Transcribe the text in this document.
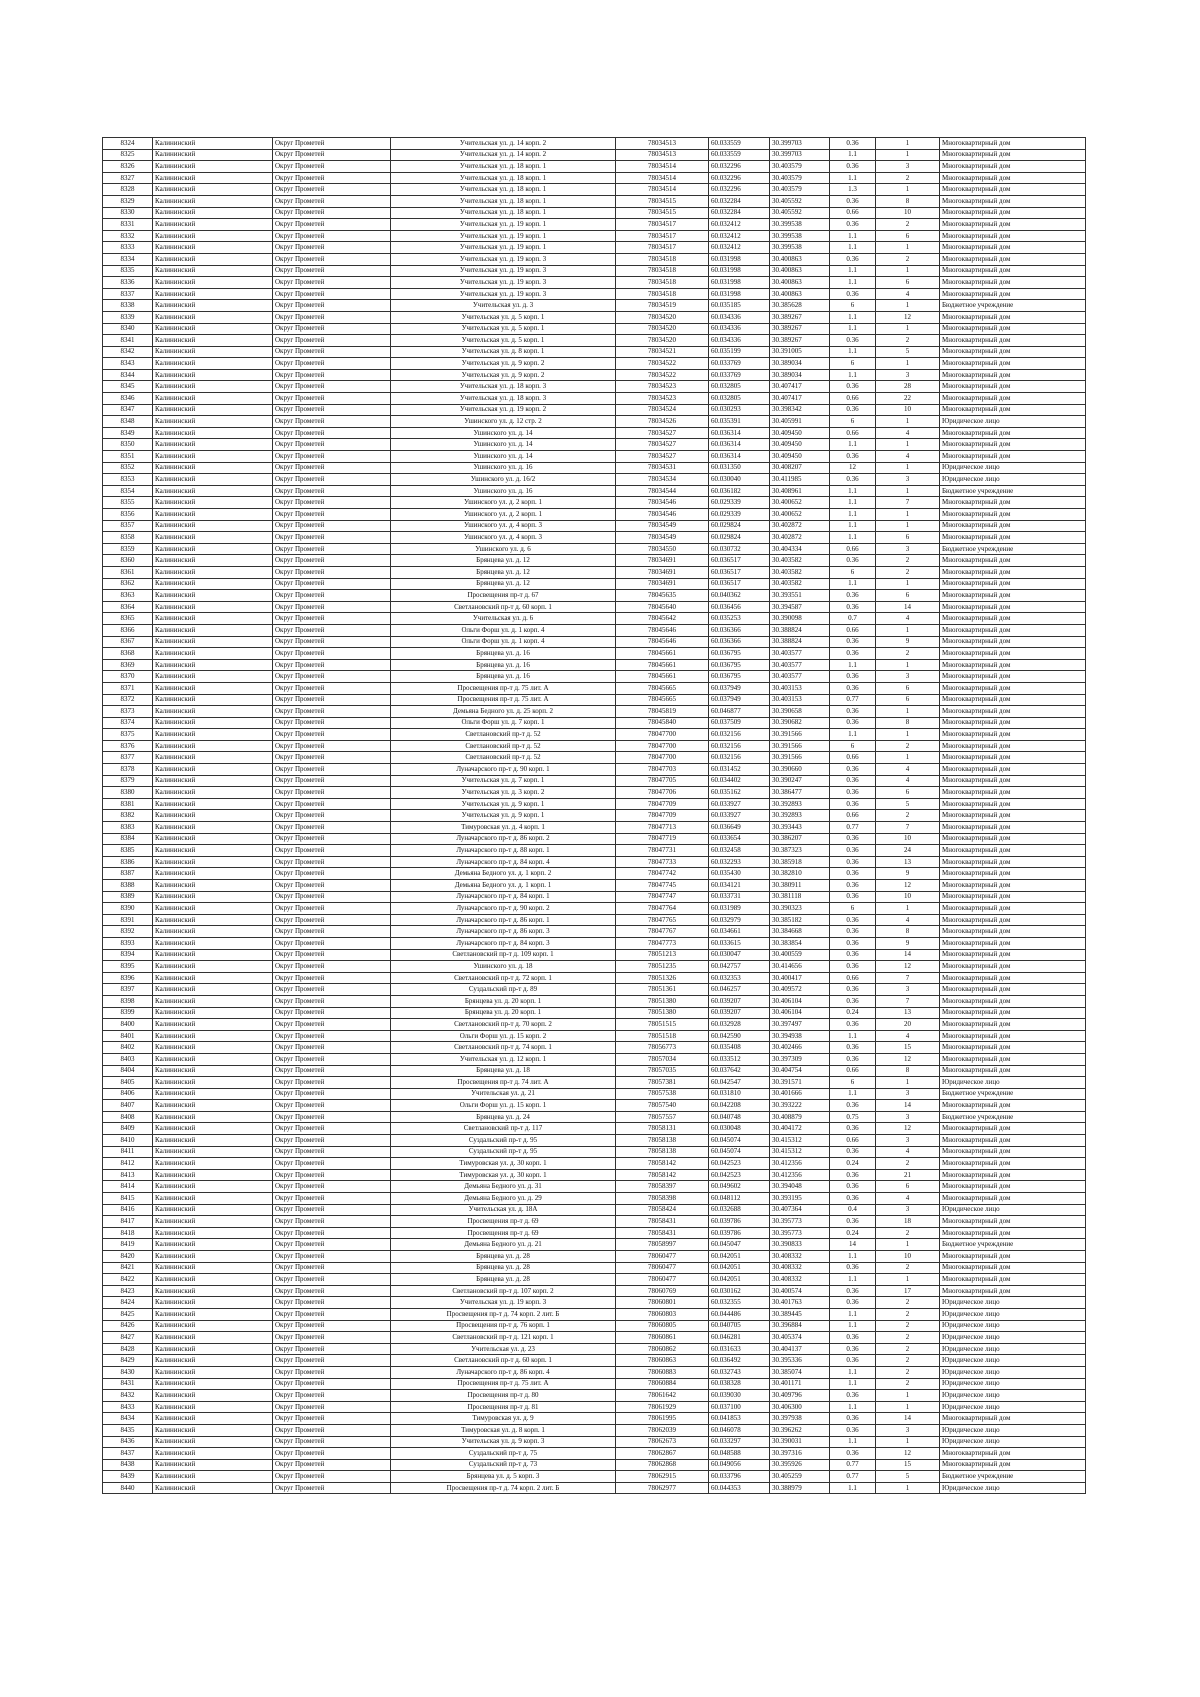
8324	Калининский	Округ Прометей	Учительская ул. д. 14 корп. 2	78034513	60.033559	30.399703	0.36	1	Многоквартирный дом
8325	Калининский	Округ Прометей	Учительская ул. д. 14 корп. 2	78034513	60.033559	30.399703	1.1	1	Многоквартирный дом
8326	Калининский	Округ Прометей	Учительская ул. д. 18 корп. 1	78034514	60.032296	30.403579	0.36	3	Многоквартирный дом
8327	Калининский	Округ Прометей	Учительская ул. д. 18 корп. 1	78034514	60.032296	30.403579	1.1	2	Многоквартирный дом
8328	Калининский	Округ Прометей	Учительская ул. д. 18 корп. 1	78034514	60.032296	30.403579	1.3	1	Многоквартирный дом
8329	Калининский	Округ Прометей	Учительская ул. д. 18 корп. 1	78034515	60.032284	30.405592	0.36	8	Многоквартирный дом
8330	Калининский	Округ Прометей	Учительская ул. д. 18 корп. 1	78034515	60.032284	30.405592	0.66	10	Многоквартирный дом
8331	Калининский	Округ Прометей	Учительская ул. д. 19 корп. 1	78034517	60.032412	30.399538	0.36	2	Многоквартирный дом
8332	Калининский	Округ Прометей	Учительская ул. д. 19 корп. 1	78034517	60.032412	30.399538	1.1	6	Многоквартирный дом
8333	Калининский	Округ Прометей	Учительская ул. д. 19 корп. 1	78034517	60.032412	30.399538	1.1	1	Многоквартирный дом
8334	Калининский	Округ Прометей	Учительская ул. д. 19 корп. 3	78034518	60.031998	30.400863	0.36	2	Многоквартирный дом
8335	Калининский	Округ Прометей	Учительская ул. д. 19 корп. 3	78034518	60.031998	30.400863	1.1	1	Многоквартирный дом
8336	Калининский	Округ Прометей	Учительская ул. д. 19 корп. 3	78034518	60.031998	30.400863	1.1	6	Многоквартирный дом
8337	Калининский	Округ Прометей	Учительская ул. д. 19 корп. 3	78034518	60.031998	30.400863	0.36	4	Многоквартирный дом
8338	Калининский	Округ Прометей	Учительская ул. д. 3	78034519	60.035185	30.385628	6	1	Бюджетное учреждение
8339	Калининский	Округ Прометей	Учительская ул. д. 5 корп. 1	78034520	60.034336	30.389267	1.1	12	Многоквартирный дом
8340	Калининский	Округ Прометей	Учительская ул. д. 5 корп. 1	78034520	60.034336	30.389267	1.1	1	Многоквартирный дом
8341	Калининский	Округ Прометей	Учительская ул. д. 5 корп. 1	78034520	60.034336	30.389267	0.36	2	Многоквартирный дом
8342	Калининский	Округ Прометей	Учительская ул. д. 8 корп. 1	78034521	60.035199	30.391005	1.1	5	Многоквартирный дом
8343	Калининский	Округ Прометей	Учительская ул. д. 9 корп. 2	78034522	60.033769	30.389034	6	1	Многоквартирный дом
8344	Калининский	Округ Прометей	Учительская ул. д. 9 корп. 2	78034522	60.033769	30.389034	1.1	3	Многоквартирный дом
8345	Калининский	Округ Прометей	Учительская ул. д. 18 корп. 3	78034523	60.032805	30.407417	0.36	28	Многоквартирный дом
8346	Калининский	Округ Прометей	Учительская ул. д. 18 корп. 3	78034523	60.032805	30.407417	0.66	22	Многоквартирный дом
8347	Калининский	Округ Прометей	Учительская ул. д. 19 корп. 2	78034524	60.030293	30.398342	0.36	10	Многоквартирный дом
8348	Калининский	Округ Прометей	Ушинского ул. д. 12 стр. 2	78034526	60.035391	30.405991	6	1	Юридическое лицо
8349	Калининский	Округ Прометей	Ушинского ул. д. 14	78034527	60.036314	30.409450	0.66	4	Многоквартирный дом
8350	Калининский	Округ Прометей	Ушинского ул. д. 14	78034527	60.036314	30.409450	1.1	1	Многоквартирный дом
8351	Калининский	Округ Прометей	Ушинского ул. д. 14	78034527	60.036314	30.409450	0.36	4	Многоквартирный дом
8352	Калининский	Округ Прометей	Ушинского ул. д. 16	78034531	60.031350	30.408207	12	1	Юридическое лицо
8353	Калининский	Округ Прометей	Ушинского ул. д. 16/2	78034534	60.030040	30.411985	0.36	3	Юридическое лицо
8354	Калининский	Округ Прометей	Ушинского ул. д. 16	78034544	60.036182	30.408961	1.1	1	Бюджетное учреждение
8355	Калининский	Округ Прометей	Ушинского ул. д. 2 корп. 1	78034546	60.029339	30.400652	1.1	7	Многоквартирный дом
8356	Калининский	Округ Прометей	Ушинского ул. д. 2 корп. 1	78034546	60.029339	30.400652	1.1	1	Многоквартирный дом
8357	Калининский	Округ Прометей	Ушинского ул. д. 4 корп. 3	78034549	60.029824	30.402872	1.1	1	Многоквартирный дом
8358	Калининский	Округ Прометей	Ушинского ул. д. 4 корп. 3	78034549	60.029824	30.402872	1.1	6	Многоквартирный дом
8359	Калининский	Округ Прометей	Ушинского ул. д. 6	78034550	60.030732	30.404334	0.66	3	Бюджетное учреждение
8360	Калининский	Округ Прометей	Брянцева ул. д. 12	78034691	60.036517	30.403582	0.36	2	Многоквартирный дом
8361	Калининский	Округ Прометей	Брянцева ул. д. 12	78034691	60.036517	30.403582	6	2	Многоквартирный дом
8362	Калининский	Округ Прометей	Брянцева ул. д. 12	78034691	60.036517	30.403582	1.1	1	Многоквартирный дом
8363	Калининский	Округ Прометей	Просвещения пр-т д. 67	78045635	60.040362	30.393551	0.36	6	Многоквартирный дом
8364	Калининский	Округ Прометей	Светлановский пр-т д. 60 корп. 1	78045640	60.036456	30.394587	0.36	14	Многоквартирный дом
8365	Калининский	Округ Прометей	Учительская ул. д. 6	78045642	60.035253	30.390098	0.7	4	Многоквартирный дом
8366	Калининский	Округ Прометей	Ольги Форш ул. д. 1 корп. 4	78045646	60.036366	30.388824	0.66	1	Многоквартирный дом
8367	Калининский	Округ Прометей	Ольги Форш ул. д. 1 корп. 4	78045646	60.036366	30.388824	0.36	9	Многоквартирный дом
8368	Калининский	Округ Прометей	Брянцева ул. д. 16	78045661	60.036795	30.403577	0.36	2	Многоквартирный дом
8369	Калининский	Округ Прометей	Брянцева ул. д. 16	78045661	60.036795	30.403577	1.1	1	Многоквартирный дом
8370	Калининский	Округ Прометей	Брянцева ул. д. 16	78045661	60.036795	30.403577	0.36	3	Многоквартирный дом
8371	Калининский	Округ Прометей	Просвещения пр-т д. 75 лит. А	78045665	60.037949	30.403153	0.36	6	Многоквартирный дом
8372	Калининский	Округ Прометей	Просвещения пр-т д. 75 лит. А	78045665	60.037949	30.403153	0.77	6	Многоквартирный дом
8373	Калининский	Округ Прометей	Демьяна Бедного ул. д. 25 корп. 2	78045819	60.046877	30.390658	0.36	1	Многоквартирный дом
8374	Калининский	Округ Прометей	Ольги Форш ул. д. 7 корп. 1	78045840	60.037509	30.390682	0.36	8	Многоквартирный дом
8375	Калининский	Округ Прометей	Светлановский пр-т д. 52	78047700	60.032156	30.391566	1.1	1	Многоквартирный дом
8376	Калининский	Округ Прометей	Светлановский пр-т д. 52	78047700	60.032156	30.391566	6	2	Многоквартирный дом
8377	Калининский	Округ Прометей	Светлановский пр-т д. 52	78047700	60.032156	30.391566	0.66	1	Многоквартирный дом
8378	Калининский	Округ Прометей	Луначарского пр-т д. 90 корп. 1	78047703	60.031452	30.390660	0.36	4	Многоквартирный дом
8379	Калининский	Округ Прометей	Учительская ул. д. 7 корп. 1	78047705	60.034402	30.390247	0.36	4	Многоквартирный дом
8380	Калининский	Округ Прометей	Учительская ул. д. 3 корп. 2	78047706	60.035162	30.386477	0.36	6	Многоквартирный дом
8381	Калининский	Округ Прометей	Учительская ул. д. 9 корп. 1	78047709	60.033927	30.392893	0.36	5	Многоквартирный дом
8382	Калининский	Округ Прометей	Учительская ул. д. 9 корп. 1	78047709	60.033927	30.392893	0.66	2	Многоквартирный дом
8383	Калининский	Округ Прометей	Тимуровская ул. д. 4 корп. 1	78047713	60.036649	30.393443	0.77	7	Многоквартирный дом
8384	Калининский	Округ Прометей	Луначарского пр-т д. 86 корп. 2	78047719	60.033654	30.386207	0.36	10	Многоквартирный дом
8385	Калининский	Округ Прометей	Луначарского пр-т д. 88 корп. 1	78047731	60.032458	30.387323	0.36	24	Многоквартирный дом
8386	Калининский	Округ Прометей	Луначарского пр-т д. 84 корп. 4	78047733	60.032293	30.385918	0.36	13	Многоквартирный дом
8387	Калининский	Округ Прометей	Демьяна Бедного ул. д. 1 корп. 2	78047742	60.035430	30.382810	0.36	9	Многоквартирный дом
8388	Калининский	Округ Прометей	Демьяна Бедного ул. д. 1 корп. 1	78047745	60.034121	30.380911	0.36	12	Многоквартирный дом
8389	Калининский	Округ Прометей	Луначарского пр-т д. 84 корп. 1	78047747	60.033731	30.381118	0.36	10	Многоквартирный дом
8390	Калининский	Округ Прометей	Луначарского пр-т д. 90 корп. 2	78047764	60.031989	30.390323	6	1	Многоквартирный дом
8391	Калининский	Округ Прометей	Луначарского пр-т д. 86 корп. 1	78047765	60.032979	30.385182	0.36	4	Многоквартирный дом
8392	Калининский	Округ Прометей	Луначарского пр-т д. 86 корп. 3	78047767	60.034661	30.384668	0.36	8	Многоквартирный дом
8393	Калининский	Округ Прометей	Луначарского пр-т д. 84 корп. 3	78047773	60.033615	30.383854	0.36	9	Многоквартирный дом
8394	Калининский	Округ Прометей	Светлановский пр-т д. 109 корп. 1	78051213	60.030047	30.400559	0.36	14	Многоквартирный дом
8395	Калининский	Округ Прометей	Ушинского ул. д. 18	78051235	60.042757	30.414656	0.36	12	Многоквартирный дом
8396	Калининский	Округ Прометей	Светлановский пр-т д. 72 корп. 1	78051326	60.032353	30.400417	0.66	7	Многоквартирный дом
8397	Калининский	Округ Прометей	Суздальский пр-т д. 89	78051361	60.046257	30.409572	0.36	3	Многоквартирный дом
8398	Калининский	Округ Прометей	Брянцева ул. д. 20 корп. 1	78051380	60.039207	30.406104	0.36	7	Многоквартирный дом
8399	Калининский	Округ Прометей	Брянцева ул. д. 20 корп. 1	78051380	60.039207	30.406104	0.24	13	Многоквартирный дом
8400	Калининский	Округ Прометей	Светлановский пр-т д. 70 корп. 2	78051515	60.032928	30.397497	0.36	20	Многоквартирный дом
8401	Калининский	Округ Прометей	Ольги Форш ул. д. 15 корп. 2	78051518	60.042590	30.394938	1.1	4	Многоквартирный дом
8402	Калининский	Округ Прометей	Светлановский пр-т д. 74 корп. 1	78056773	60.035408	30.402466	0.36	15	Многоквартирный дом
8403	Калининский	Округ Прометей	Учительская ул. д. 12 корп. 1	78057034	60.033512	30.397309	0.36	12	Многоквартирный дом
8404	Калининский	Округ Прометей	Брянцева ул. д. 18	78057035	60.037642	30.404754	0.66	8	Многоквартирный дом
8405	Калининский	Округ Прометей	Просвещения пр-т д. 74 лит. А	78057381	60.042547	30.391571	6	1	Юридическое лицо
8406	Калининский	Округ Прометей	Учительская ул. д. 21	78057538	60.031810	30.401666	1.1	3	Бюджетное учреждение
8407	Калининский	Округ Прометей	Ольги Форш ул. д. 15 корп. 1	78057540	60.042208	30.393222	0.36	14	Многоквартирный дом
8408	Калининский	Округ Прометей	Брянцева ул. д. 24	78057557	60.040748	30.408879	0.75	3	Бюджетное учреждение
8409	Калининский	Округ Прометей	Светлановский пр-т д. 117	78058131	60.030048	30.404172	0.36	12	Многоквартирный дом
8410	Калининский	Округ Прометей	Суздальский пр-т д. 95	78058138	60.045074	30.415312	0.66	3	Многоквартирный дом
8411	Калининский	Округ Прометей	Суздальский пр-т д. 95	78058138	60.045074	30.415312	0.36	4	Многоквартирный дом
8412	Калининский	Округ Прометей	Тимуровская ул. д. 30 корп. 1	78058142	60.042523	30.412356	0.24	2	Многоквартирный дом
8413	Калининский	Округ Прометей	Тимуровская ул. д. 30 корп. 1	78058142	60.042523	30.412356	0.36	21	Многоквартирный дом
8414	Калининский	Округ Прометей	Демьяна Бедного ул. д. 31	78058397	60.049602	30.394048	0.36	6	Многоквартирный дом
8415	Калининский	Округ Прометей	Демьяна Бедного ул. д. 29	78058398	60.048112	30.393195	0.36	4	Многоквартирный дом
8416	Калининский	Округ Прометей	Учительская ул. д. 18А	78058424	60.032688	30.407364	0.4	3	Юридическое лицо
8417	Калининский	Округ Прометей	Просвещения пр-т д. 69	78058431	60.039786	30.395773	0.36	18	Многоквартирный дом
8418	Калининский	Округ Прометей	Просвещения пр-т д. 69	78058431	60.039786	30.395773	0.24	2	Многоквартирный дом
8419	Калининский	Округ Прометей	Демьяна Бедного ул. д. 21	78058997	60.045047	30.390833	14	1	Бюджетное учреждение
8420	Калининский	Округ Прометей	Брянцева ул. д. 28	78060477	60.042051	30.408332	1.1	10	Многоквартирный дом
8421	Калининский	Округ Прометей	Брянцева ул. д. 28	78060477	60.042051	30.408332	0.36	2	Многоквартирный дом
8422	Калининский	Округ Прометей	Брянцева ул. д. 28	78060477	60.042051	30.408332	1.1	1	Многоквартирный дом
8423	Калининский	Округ Прометей	Светлановский пр-т д. 107 корп. 2	78060769	60.030162	30.400574	0.36	17	Многоквартирный дом
8424	Калининский	Округ Прометей	Учительская ул. д. 19 корп. 3	78060801	60.032355	30.401763	0.36	2	Юридическое лицо
8425	Калининский	Округ Прометей	Просвещения пр-т д. 74 корп. 2 лит. Б	78060803	60.044486	30.389445	1.1	2	Юридическое лицо
8426	Калининский	Округ Прометей	Просвещения пр-т д. 76 корп. 1	78060805	60.040705	30.396884	1.1	2	Юридическое лицо
8427	Калининский	Округ Прометей	Светлановский пр-т д. 121 корп. 1	78060861	60.046281	30.405374	0.36	2	Юридическое лицо
8428	Калининский	Округ Прометей	Учительская ул. д. 23	78060862	60.031633	30.404137	0.36	2	Юридическое лицо
8429	Калининский	Округ Прометей	Светлановский пр-т д. 60 корп. 1	78060863	60.036492	30.395336	0.36	2	Юридическое лицо
8430	Калининский	Округ Прометей	Луначарского пр-т д. 86 корп. 4	78060883	60.032743	30.385074	1.1	2	Юридическое лицо
8431	Калининский	Округ Прометей	Просвещения пр-т д. 75 лит. А	78060884	60.038328	30.401171	1.1	2	Юридическое лицо
8432	Калининский	Округ Прометей	Просвещения пр-т д. 80	78061642	60.039030	30.409796	0.36	1	Юридическое лицо
8433	Калининский	Округ Прометей	Просвещения пр-т д. 81	78061929	60.037100	30.406300	1.1	1	Юридическое лицо
8434	Калининский	Округ Прометей	Тимуровская ул. д. 9	78061995	60.041853	30.397938	0.36	14	Многоквартирный дом
8435	Калининский	Округ Прометей	Тимуровская ул. д. 8 корп. 1	78062039	60.046078	30.396262	0.36	3	Юридическое лицо
8436	Калининский	Округ Прометей	Учительская ул. д. 9 корп. 3	78062673	60.033297	30.390031	1.1	1	Юридическое лицо
8437	Калининский	Округ Прометей	Суздальский пр-т д. 75	78062867	60.048588	30.397316	0.36	12	Многоквартирный дом
8438	Калининский	Округ Прометей	Суздальский пр-т д. 73	78062868	60.049056	30.395926	0.77	15	Многоквартирный дом
8439	Калининский	Округ Прометей	Брянцева ул. д. 5 корп. 3	78062915	60.033796	30.405259	0.77	5	Бюджетное учреждение
8440	Калининский	Округ Прометей	Просвещения пр-т д. 74 корп. 2 лит. Б	78062977	60.044353	30.388979	1.1	1	Юридическое лицо
